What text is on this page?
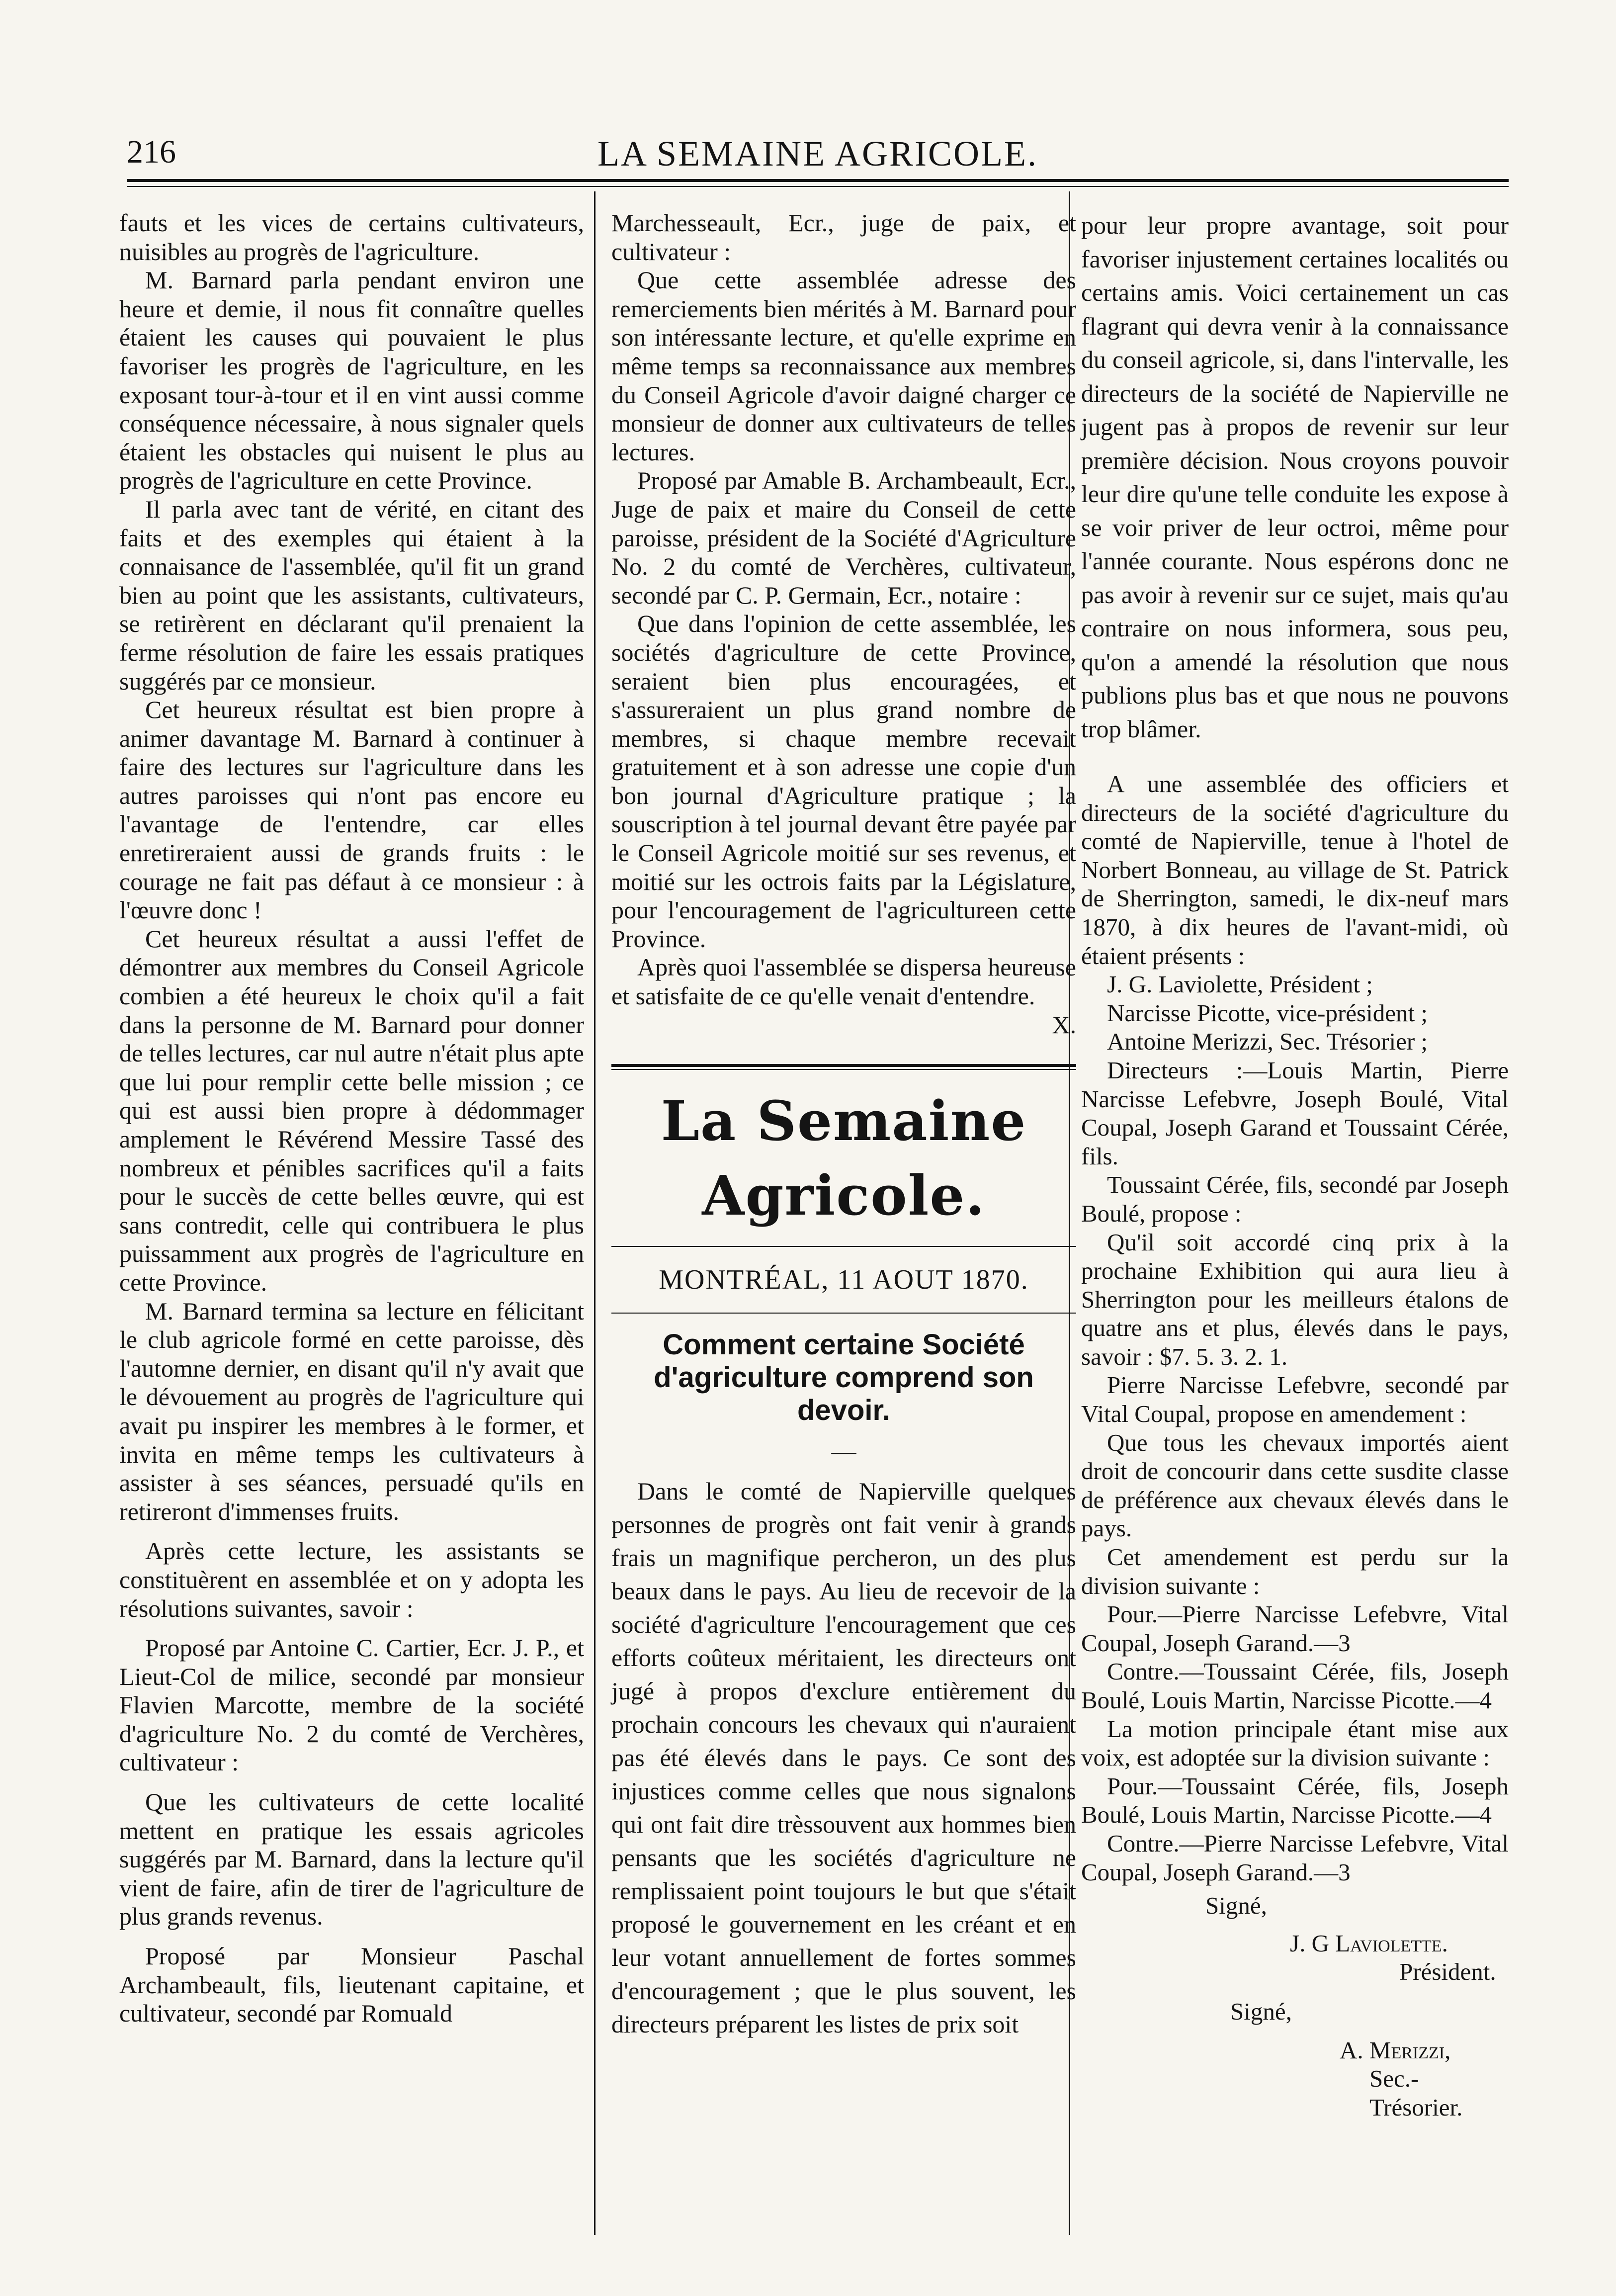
216	LA SEMAINE AGRICOLE.

fauts et les vices de certains cultivateurs, nuisibles au progrès de l'agriculture.

M. Barnard parla pendant environ une heure et demie, il nous fit connaître quelles étaient les causes qui pouvaient le plus favoriser les progrès de l'agriculture, en les exposant tour-à-tour et il en vint aussi comme conséquence nécessaire, à nous signaler quels étaient les obstacles qui nuisent le plus au progrès de l'agriculture en cette Province.

Il parla avec tant de vérité, en citant des faits et des exemples qui étaient à la connaisance de l'assemblée, qu'il fit un grand bien au point que les assistants, cultivateurs, se retirèrent en déclarant qu'il prenaient la ferme résolution de faire les essais pratiques suggérés par ce monsieur.

Cet heureux résultat est bien propre à animer davantage M. Barnard à continuer à faire des lectures sur l'agriculture dans les autres paroisses qui n'ont pas encore eu l'avantage de l'entendre, car elles enretireraient aussi de grands fruits : le courage ne fait pas défaut à ce monsieur : à l'œuvre donc !

Cet heureux résultat a aussi l'effet de démontrer aux membres du Conseil Agricole combien a été heureux le choix qu'il a fait dans la personne de M. Barnard pour donner de telles lectures, car nul autre n'était plus apte que lui pour remplir cette belle mission ; ce qui est aussi bien propre à dédommager amplement le Révérend Messire Tassé des nombreux et pénibles sacrifices qu'il a faits pour le succès de cette belles œuvre, qui est sans contredit, celle qui contribuera le plus puissamment aux progrès de l'agriculture en cette Province.

M. Barnard termina sa lecture en félicitant le club agricole formé en cette paroisse, dès l'automne dernier, en disant qu'il n'y avait que le dévouement au progrès de l'agriculture qui avait pu inspirer les membres à le former, et invita en même temps les cultivateurs à assister à ses séances, persuadé qu'ils en retireront d'immenses fruits.

Après cette lecture, les assistants se constituèrent en assemblée et on y adopta les résolutions suivantes, savoir :

Proposé par Antoine C. Cartier, Ecr. J. P., et Lieut-Col de milice, secondé par monsieur Flavien Marcotte, membre de la société d'agriculture No. 2 du comté de Verchères, cultivateur :

Que les cultivateurs de cette localité mettent en pratique les essais agricoles suggérés par M. Barnard, dans la lecture qu'il vient de faire, afin de tirer de l'agriculture de plus grands revenus.

Proposé par Monsieur Paschal Archambeault, fils, lieutenant capitaine, et cultivateur, secondé par Romuald

Marchesseault, Ecr., juge de paix, et cultivateur :

Que cette assemblée adresse des remerciements bien mérités à M. Barnard pour son intéressante lecture, et qu'elle exprime en même temps sa reconnaissance aux membres du Conseil Agricole d'avoir daigné charger ce monsieur de donner aux cultivateurs de telles lectures.

Proposé par Amable B. Archambeault, Ecr., Juge de paix et maire du Conseil de cette paroisse, président de la Société d'Agriculture No. 2 du comté de Verchères, cultivateur, secondé par C. P. Germain, Ecr., notaire :

Que dans l'opinion de cette assemblée, les sociétés d'agriculture de cette Province, seraient bien plus encouragées, et s'assureraient un plus grand nombre de membres, si chaque membre recevait gratuitement et à son adresse une copie d'un bon journal d'Agriculture pratique ; la souscription à tel journal devant être payée par le Conseil Agricole moitié sur ses revenus, et moitié sur les octrois faits par la Législature, pour l'encouragement de l'agricultureen cette Province.

Après quoi l'assemblée se dispersa heureuse et satisfaite de ce qu'elle venait d'entendre.

X.

La Semaine Agricole.
MONTRÉAL, 11 AOUT 1870.
Comment certaine Société d'agriculture comprend son devoir.
—

Dans le comté de Napierville quelques personnes de progrès ont fait venir à grands frais un magnifique percheron, un des plus beaux dans le pays. Au lieu de recevoir de la société d'agriculture l'encouragement que ces efforts coûteux méritaient, les directeurs ont jugé à propos d'exclure entièrement du prochain concours les chevaux qui n'auraient pas été élevés dans le pays. Ce sont des injustices comme celles que nous signalons qui ont fait dire trèssouvent aux hommes bien pensants que les sociétés d'agriculture ne remplissaient point toujours le but que s'était proposé le gouvernement en les créant et en leur votant annuellement de fortes sommes d'encouragement ; que le plus souvent, les directeurs préparent les listes de prix soit

pour leur propre avantage, soit pour favoriser injustement certaines localités ou certains amis. Voici certainement un cas flagrant qui devra venir à la connaissance du conseil agricole, si, dans l'intervalle, les directeurs de la société de Napierville ne jugent pas à propos de revenir sur leur première décision. Nous croyons pouvoir leur dire qu'une telle conduite les expose à se voir priver de leur octroi, même pour l'année courante. Nous espérons donc ne pas avoir à revenir sur ce sujet, mais qu'au contraire on nous informera, sous peu, qu'on a amendé la résolution que nous publions plus bas et que nous ne pouvons trop blâmer.

A une assemblée des officiers et directeurs de la société d'agriculture du comté de Napierville, tenue à l'hotel de Norbert Bonneau, au village de St. Patrick de Sherrington, samedi, le dix-neuf mars 1870, à dix heures de l'avant-midi, où étaient présents :

J. G. Laviolette, Président ;

Narcisse Picotte, vice-président ;

Antoine Merizzi, Sec. Trésorier ;

Directeurs :—Louis Martin, Pierre Narcisse Lefebvre, Joseph Boulé, Vital Coupal, Joseph Garand et Toussaint Cérée, fils.

Toussaint Cérée, fils, secondé par Joseph Boulé, propose :

Qu'il soit accordé cinq prix à la prochaine Exhibition qui aura lieu à Sherrington pour les meilleurs étalons de quatre ans et plus, élevés dans le pays, savoir : $7. 5. 3. 2. 1.

Pierre Narcisse Lefebvre, secondé par Vital Coupal, propose en amendement :

Que tous les chevaux importés aient droit de concourir dans cette susdite classe de préférence aux chevaux élevés dans le pays.

Cet amendement est perdu sur la division suivante :

Pour.—Pierre Narcisse Lefebvre, Vital Coupal, Joseph Garand.—3

Contre.—Toussaint Cérée, fils, Joseph Boulé, Louis Martin, Narcisse Picotte.—4

La motion principale étant mise aux voix, est adoptée sur la division suivante :

Pour.—Toussaint Cérée, fils, Joseph Boulé, Louis Martin, Narcisse Picotte.—4

Contre.—Pierre Narcisse Lefebvre, Vital Coupal, Joseph Garand.—3

Signé,

J. G Laviolette.

Président.

Signé,

A. Merizzi,

Sec.-Trésorier.
